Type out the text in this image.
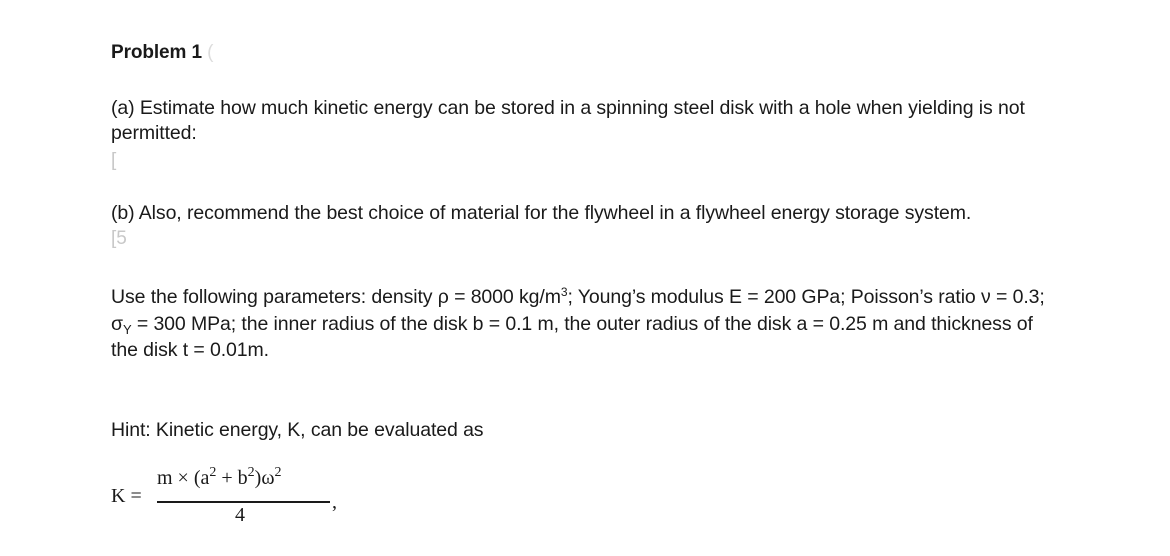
Problem 1 (
(a) Estimate how much kinetic energy can be stored in a spinning steel disk with a hole when yielding is not permitted:
[
(b) Also, recommend the best choice of material for the flywheel in a flywheel energy storage system.
[5
Use the following parameters: density ρ = 8000 $kg/m^3$; Young’s modulus E = 200 GPa; Poisson’s ratio ν = 0.3;
$\sigma_Y = 300$ MPa; the inner radius of the disk b = 0.1 m, the outer radius of the disk a = 0.25 m and thickness of
the disk t = 0.01m.
Hint: Kinetic energy, K, can be evaluated as
K =
$m \times (a^2 + b^2)\omega^2$
4
,
